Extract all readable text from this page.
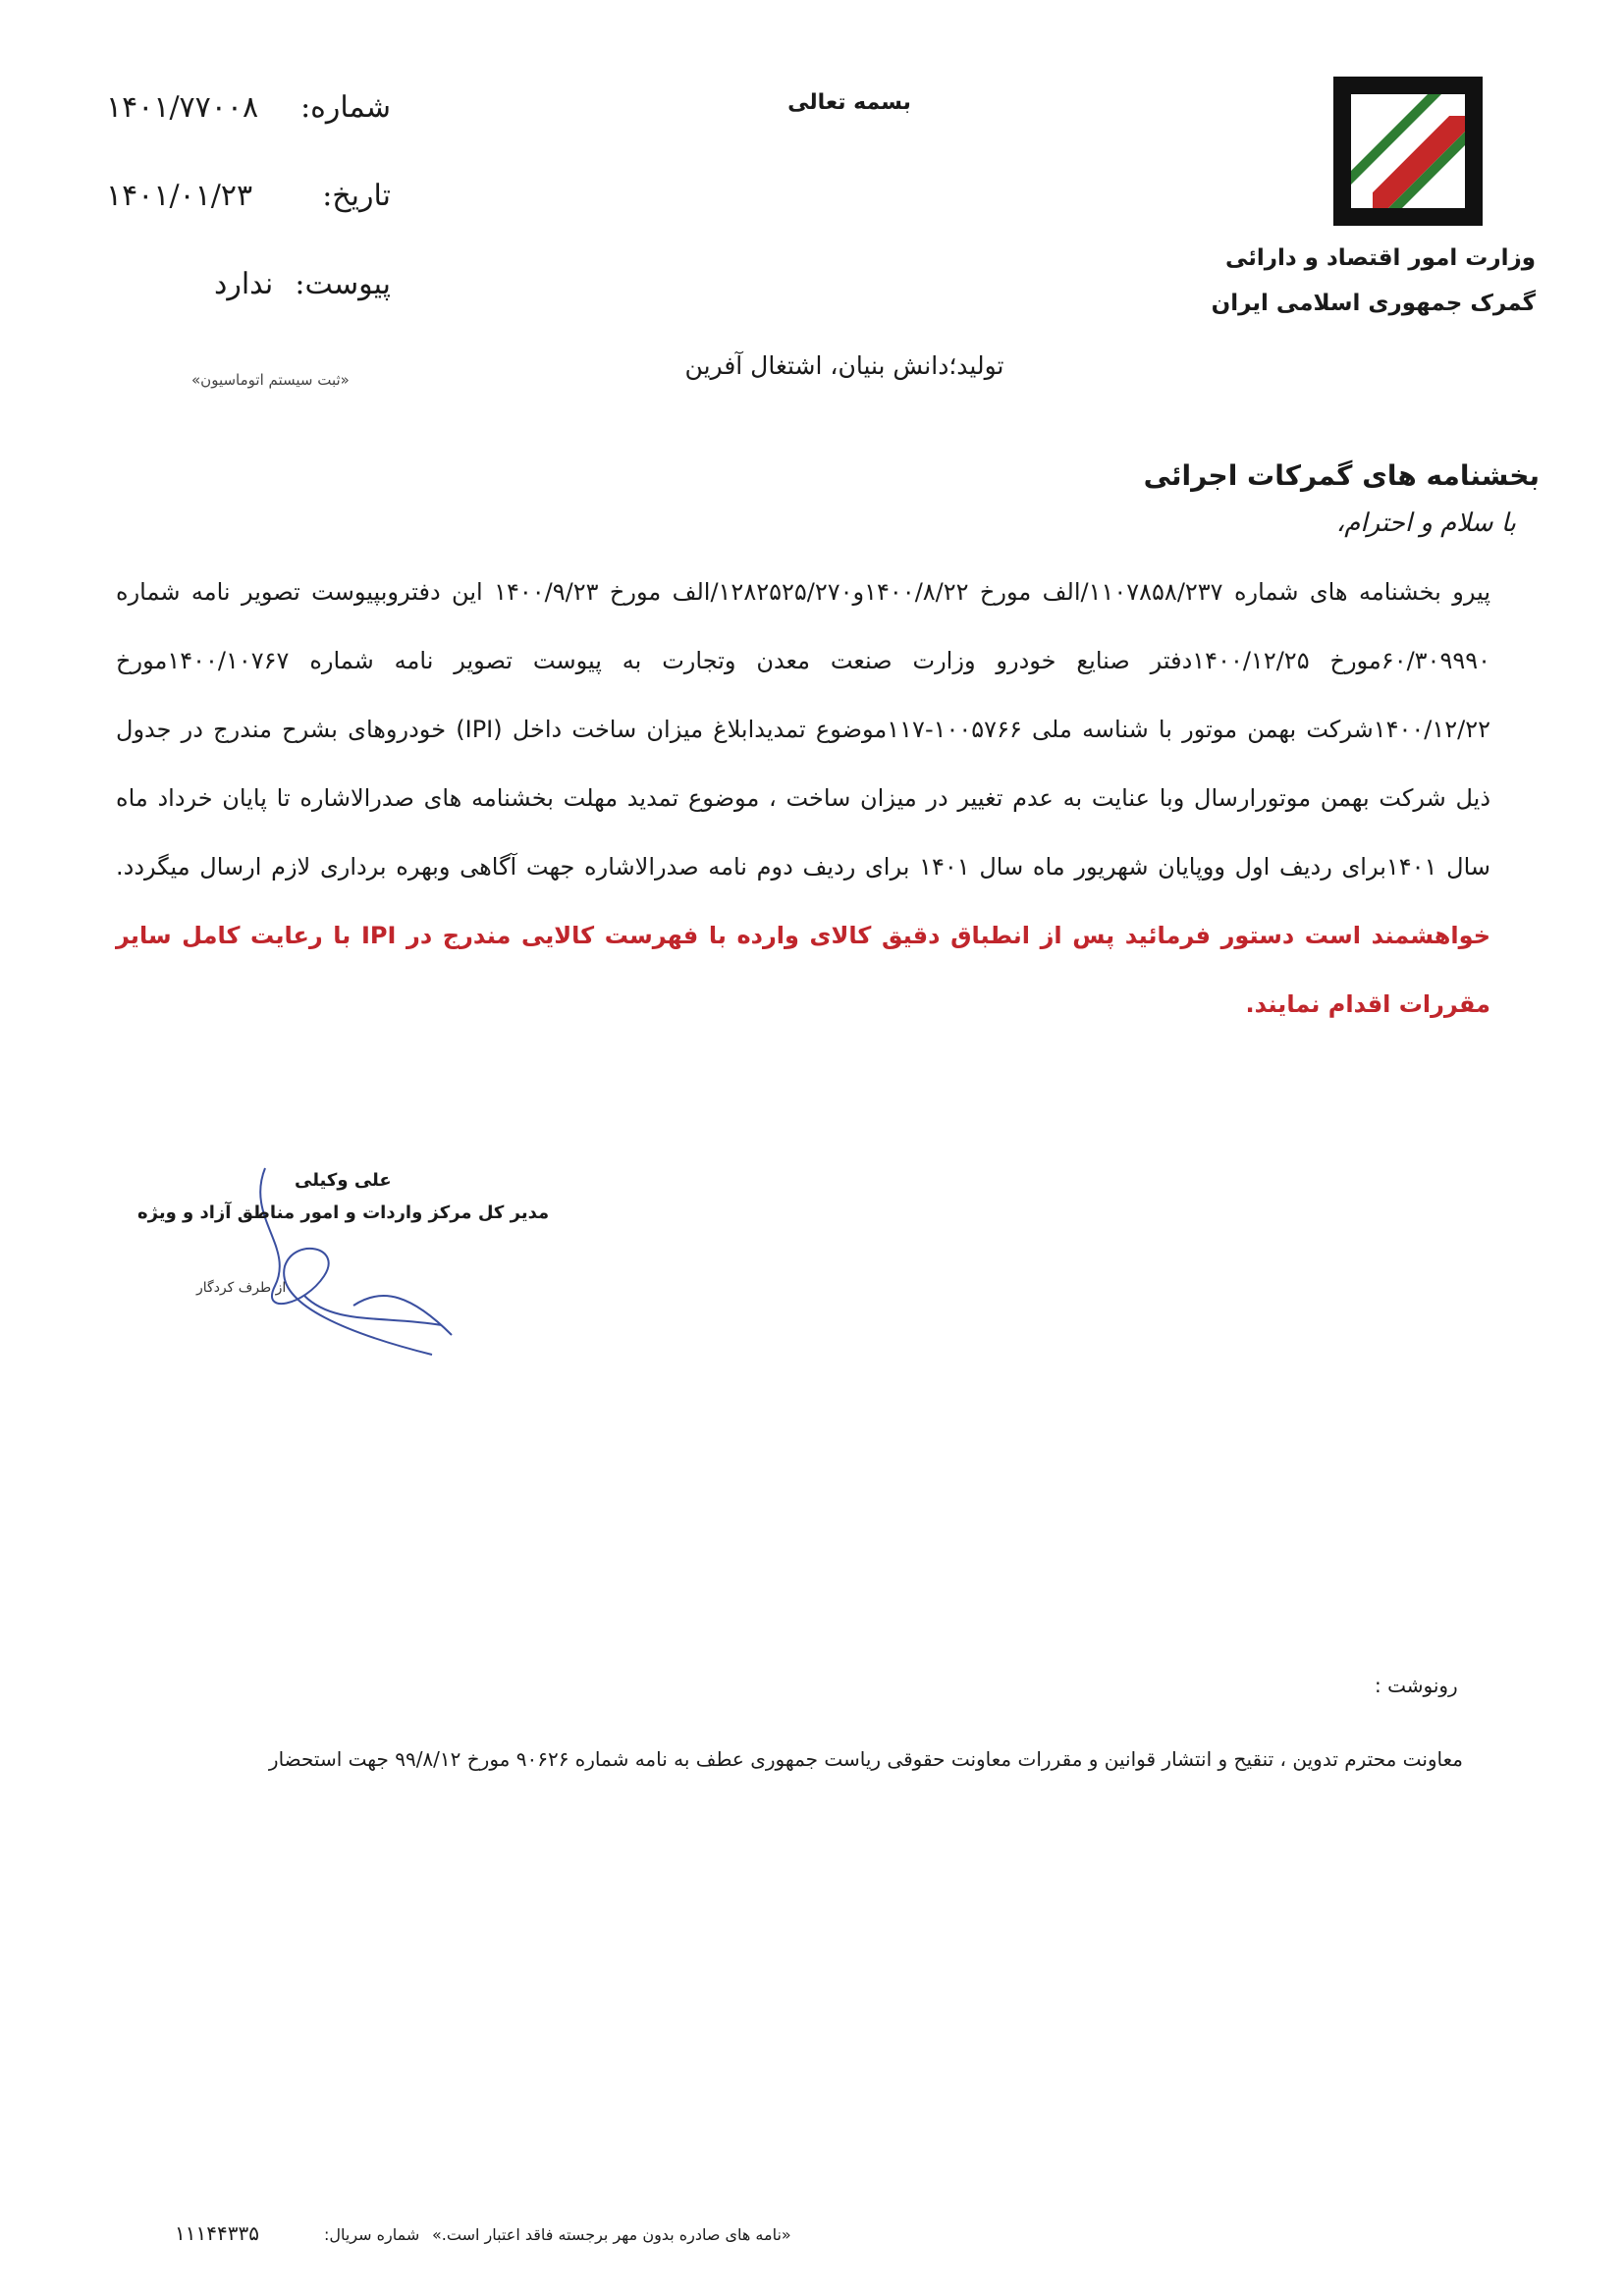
بسمه تعالی
وزارت امور اقتصاد و دارائی
گمرک جمهوری اسلامی ایران
شماره:
۱۴۰۱/۷۷۰۰۸
تاریخ:
۱۴۰۱/۰۱/۲۳
پیوست:
ندارد
«ثبت سیستم اتوماسیون»	تولید؛دانش بنیان، اشتغال آفرین
بخشنامه های گمرکات اجرائی
با سلام و احترام،
پیرو بخشنامه های شماره ۱۱۰۷۸۵۸/۲۳۷/الف مورخ ۱۴۰۰/۸/۲۲و۱۲۸۲۵۲۵/۲۷۰/الف مورخ ۱۴۰۰/۹/۲۳ این دفتروبپیوست تصویر نامه شماره ۶۰/۳۰۹۹۹۰مورخ ۱۴۰۰/۱۲/۲۵دفتر صنایع خودرو وزارت صنعت معدن وتجارت به پیوست تصویر نامه شماره ۱۴۰۰/۱۰۷۶۷مورخ ۱۴۰۰/۱۲/۲۲شرکت بهمن موتور با شناسه ملی ۱۰۰۵۷۶۶-۱۱۷موضوع تمدیدابلاغ میزان ساخت داخل (IPI) خودروهای بشرح مندرج در جدول ذیل شرکت بهمن موتورارسال وبا عنایت به عدم تغییر در میزان ساخت ، موضوع تمدید مهلت بخشنامه های صدرالاشاره تا پایان خرداد ماه سال ۱۴۰۱برای ردیف اول ووپایان شهریور ماه سال ۱۴۰۱ برای ردیف دوم نامه صدرالاشاره جهت آگاهی وبهره برداری لازم ارسال میگردد. خواهشمند است دستور فرمائید پس از انطباق دقیق کالای وارده با فهرست کالایی مندرج در IPI با رعایت کامل سایر مقررات اقدام نمایند.
علی وکیلی
مدیر کل مرکز واردات و امور مناطق آزاد و ویژه
از طرف کردگار
رونوشت :
معاونت محترم تدوین ، تنقیح و انتشار قوانین و مقررات معاونت حقوقی ریاست جمهوری عطف به نامه شماره ۹۰۶۲۶ مورخ ۹۹/۸/۱۲ جهت استحضار
«نامه های صادره بدون مهر برجسته فاقد اعتبار است.»
شماره سریال:
۱۱۱۴۴۳۳۵
